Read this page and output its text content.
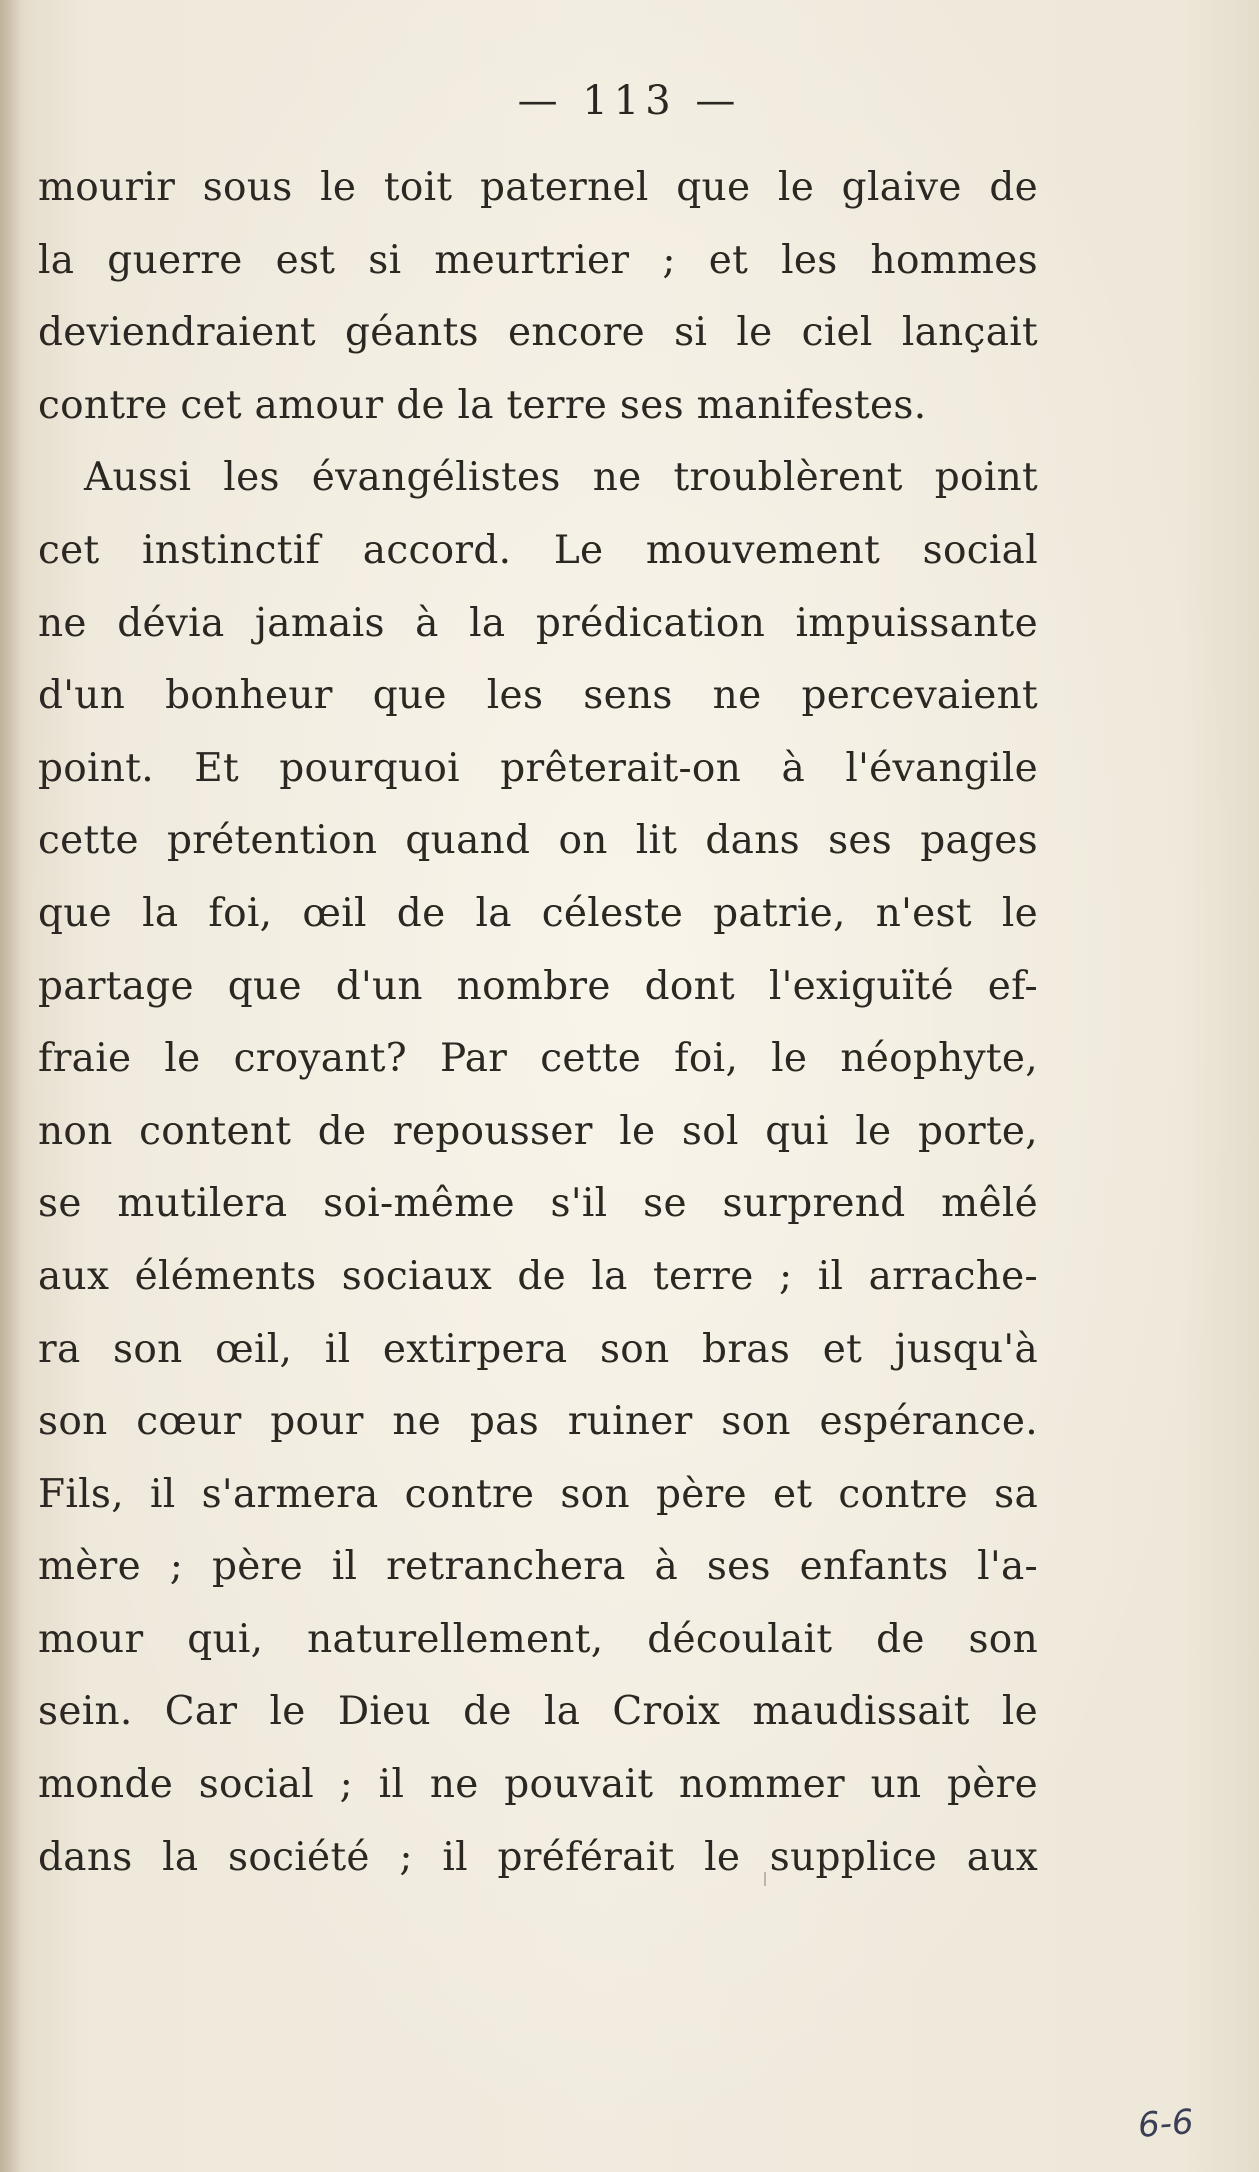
— 113 —
mourir sous le toit paternel que le glaive de
la guerre est si meurtrier ; et les hommes
deviendraient géants encore si le ciel lançait
contre cet amour de la terre ses manifestes.
Aussi les évangélistes ne troublèrent point
cet instinctif accord. Le mouvement social
ne dévia jamais à la prédication impuissante
d'un bonheur que les sens ne percevaient
point. Et pourquoi prêterait-on à l'évangile
cette prétention quand on lit dans ses pages
que la foi, œil de la céleste patrie, n'est le
partage que d'un nombre dont l'exiguïté ef-
fraie le croyant? Par cette foi, le néophyte,
non content de repousser le sol qui le porte,
se mutilera soi-même s'il se surprend mêlé
aux éléments sociaux de la terre ; il arrache-
ra son œil, il extirpera son bras et jusqu'à
son cœur pour ne pas ruiner son espérance.
Fils, il s'armera contre son père et contre sa
mère ; père il retranchera à ses enfants l'a-
mour qui, naturellement, découlait de son
sein. Car le Dieu de la Croix maudissait le
monde social ; il ne pouvait nommer un père
dans la société ; il préférait le supplice aux
6-6
